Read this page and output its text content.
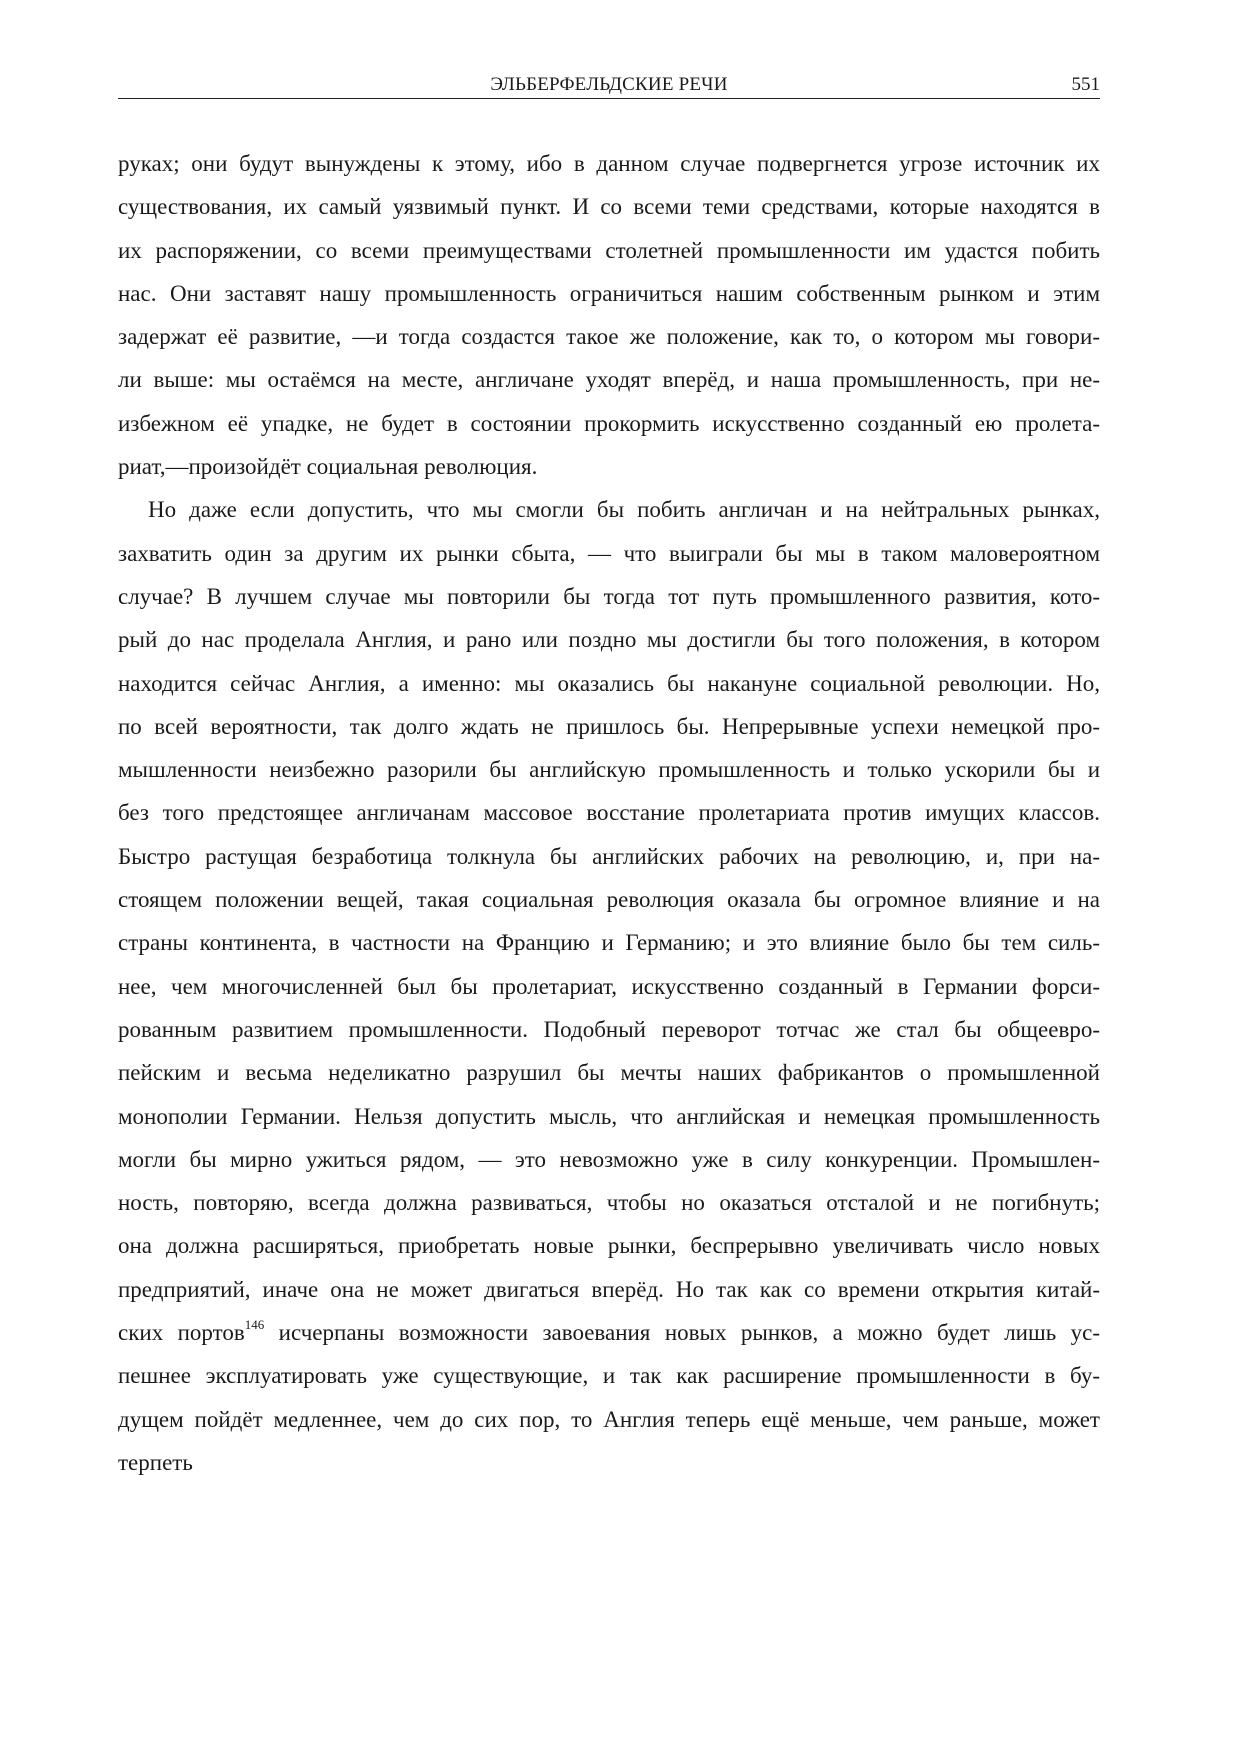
ЭЛЬБЕРФЕЛЬДСКИЕ РЕЧИ	551
руках; они будут вынуждены к этому, ибо в данном случае подвергнется угрозе источник их
существования, их самый уязвимый пункт. И со всеми теми средствами, которые находятся в
их распоряжении, со всеми преимуществами столетней промышленности им удастся побить
нас. Они заставят нашу промышленность ограничиться нашим собственным рынком и этим
задержат её развитие, —и тогда создастся такое же положение, как то, о котором мы говори-
ли выше: мы остаёмся на месте, англичане уходят вперёд, и наша промышленность, при не-
избежном её упадке, не будет в состоянии прокормить искусственно созданный ею пролета-
риат,—произойдёт социальная революция.
Но даже если допустить, что мы смогли бы побить англичан и на нейтральных рынках,
захватить один за другим их рынки сбыта, — что выиграли бы мы в таком маловероятном
случае? В лучшем случае мы повторили бы тогда тот путь промышленного развития, кото-
рый до нас проделала Англия, и рано или поздно мы достигли бы того положения, в котором
находится сейчас Англия, а именно: мы оказались бы накануне социальной революции. Но,
по всей вероятности, так долго ждать не пришлось бы. Непрерывные успехи немецкой про-
мышленности неизбежно разорили бы английскую промышленность и только ускорили бы и
без того предстоящее англичанам массовое восстание пролетариата против имущих классов.
Быстро растущая безработица толкнула бы английских рабочих на революцию, и, при на-
стоящем положении вещей, такая социальная революция оказала бы огромное влияние и на
страны континента, в частности на Францию и Германию; и это влияние было бы тем силь-
нее, чем многочисленней был бы пролетариат, искусственно созданный в Германии форси-
рованным развитием промышленности. Подобный переворот тотчас же стал бы общеевро-
пейским и весьма неделикатно разрушил бы мечты наших фабрикантов о промышленной
монополии Германии. Нельзя допустить мысль, что английская и немецкая промышленность
могли бы мирно ужиться рядом, — это невозможно уже в силу конкуренции. Промышлен-
ность, повторяю, всегда должна развиваться, чтобы но оказаться отсталой и не погибнуть;
она должна расширяться, приобретать новые рынки, беспрерывно увеличивать число новых
предприятий, иначе она не может двигаться вперёд. Но так как со времени открытия китай-
ских портов$^{146}$ исчерпаны возможности завоевания новых рынков, а можно будет лишь ус-
пешнее эксплуатировать уже существующие, и так как расширение промышленности в бу-
дущем пойдёт медленнее, чем до сих пор, то Англия теперь ещё меньше, чем раньше, может
терпеть
